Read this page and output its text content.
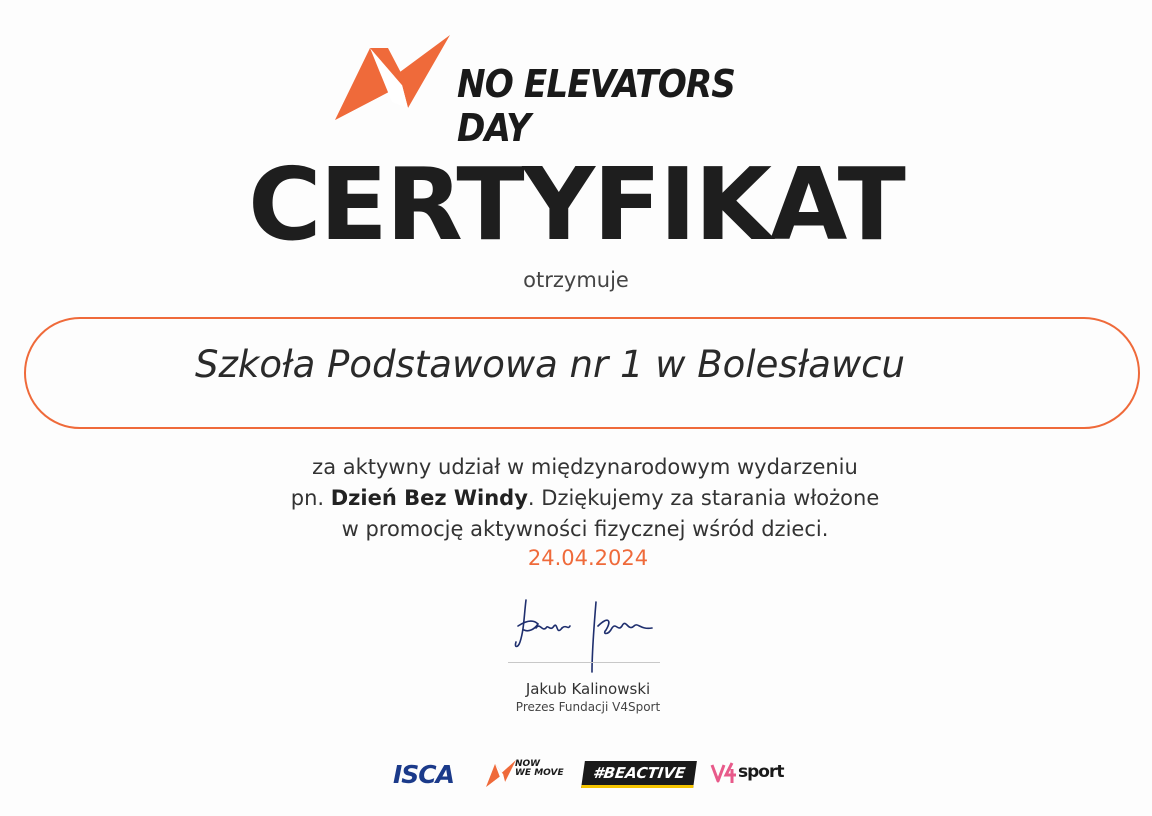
NO ELEVATORS DAY
CERTYFIKAT
otrzymuje
Szkoła Podstawowa nr 1 w Bolesławcu
za aktywny udział w międzynarodowym wydarzeniu
pn. Dzień Bez Windy. Dziękujemy za starania włożone
w promocję aktywności fizycznej wśród dzieci.
24.04.2024
Jakub Kalinowski
Prezes Fundacji V4Sport
ISCA	NOW
WE MOVE	#BEACTIVE	sport
